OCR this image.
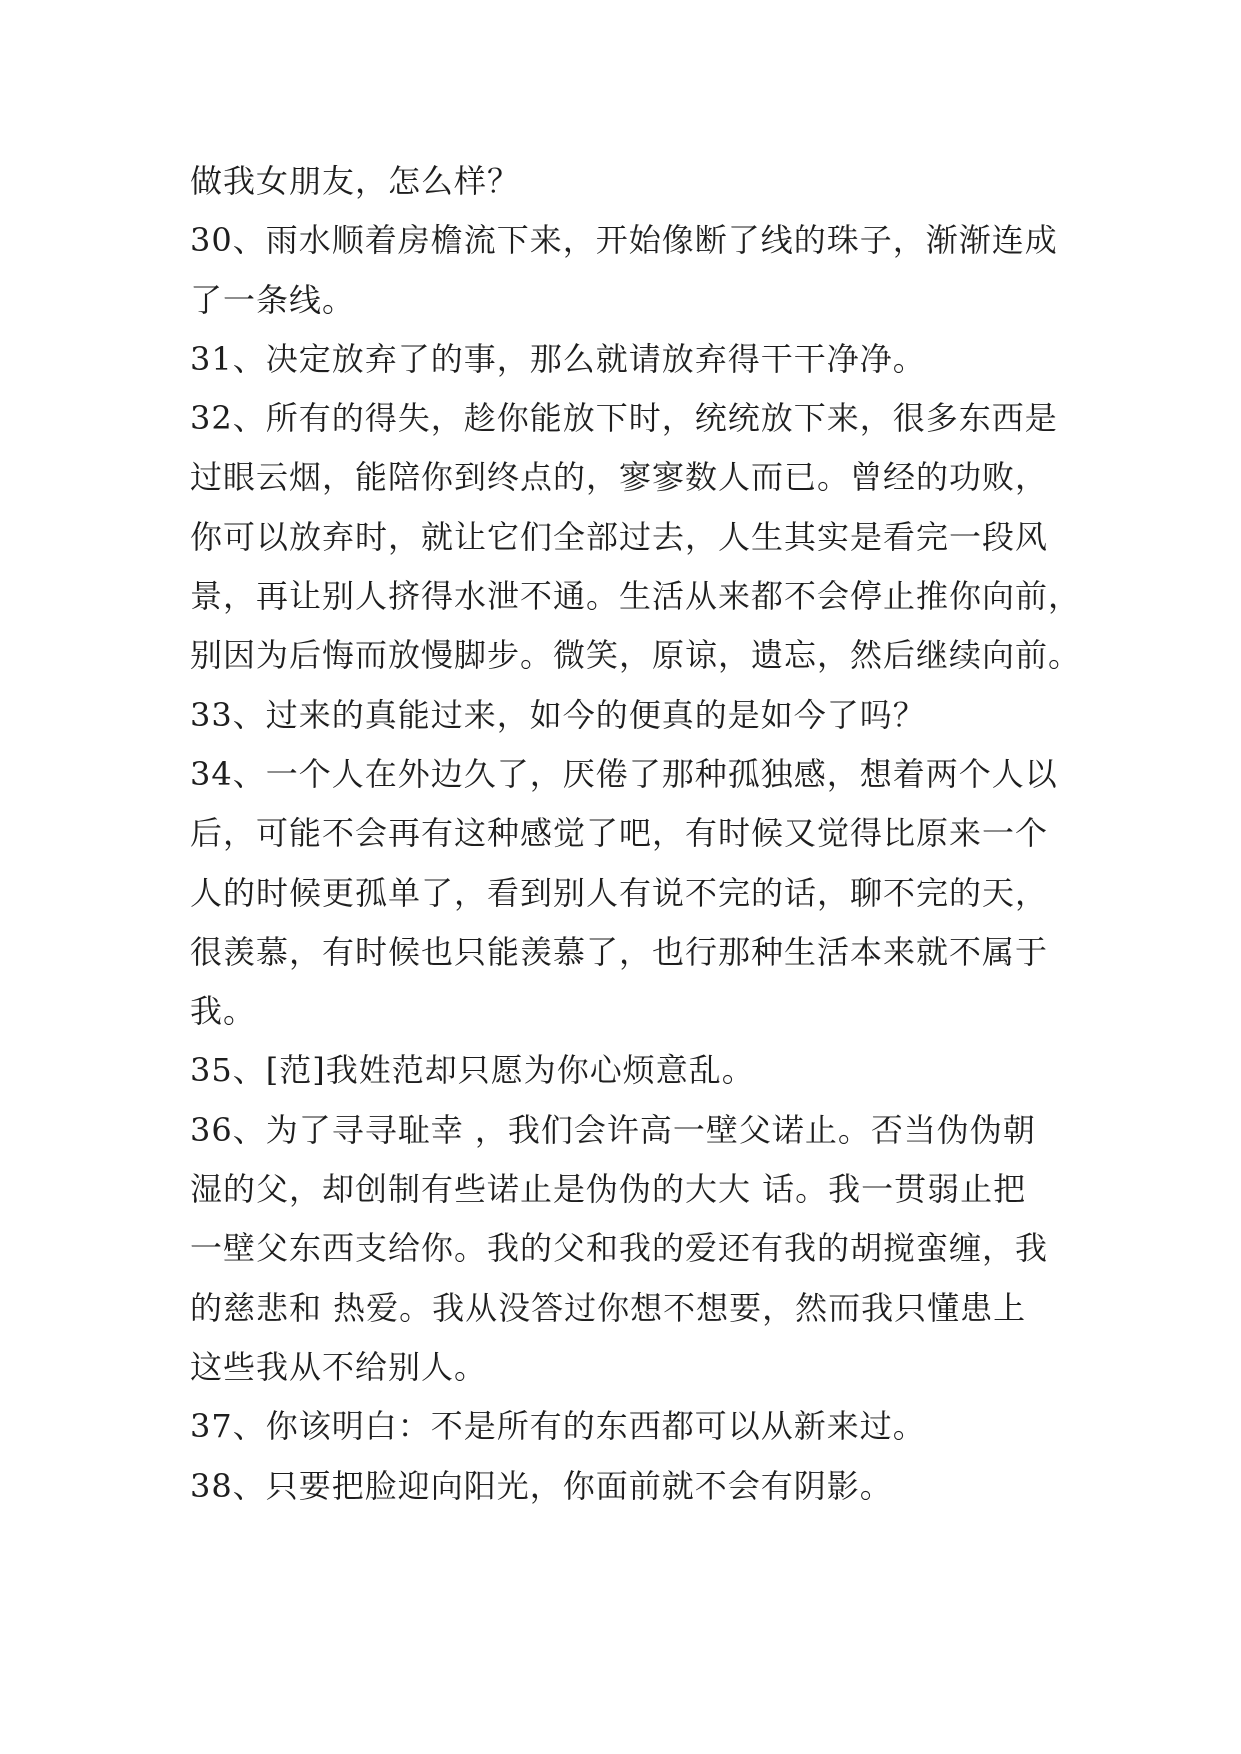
做我女朋友，怎么样？
30、雨水顺着房檐流下来，开始像断了线的珠子，渐渐连成
了一条线。
31、决定放弃了的事，那么就请放弃得干干净净。
32、所有的得失，趁你能放下时，统统放下来，很多东西是
过眼云烟，能陪你到终点的，寥寥数人而已。曾经的功败，
你可以放弃时，就让它们全部过去，人生其实是看完一段风
景，再让别人挤得水泄不通。生活从来都不会停止推你向前，
别因为后悔而放慢脚步。微笑，原谅，遗忘，然后继续向前。
33、过来的真能过来，如今的便真的是如今了吗？
34、一个人在外边久了，厌倦了那种孤独感，想着两个人以
后，可能不会再有这种感觉了吧，有时候又觉得比原来一个
人的时候更孤单了，看到别人有说不完的话，聊不完的天，
很羡慕，有时候也只能羡慕了，也行那种生活本来就不属于
我。
35、[范]我姓范却只愿为你心烦意乱。
36、为了寻寻耻幸 ，我们会许高一壁父诺止。否当伪伪朝
湿的父，却创制有些诺止是伪伪的大大 话。我一贯弱止把
一壁父东西支给你。我的父和我的爱还有我的胡搅蛮缠，我
的慈悲和 热爱。我从没答过你想不想要，然而我只懂患上
这些我从不给别人。
37、你该明白：不是所有的东西都可以从新来过。
38、只要把脸迎向阳光，你面前就不会有阴影。
